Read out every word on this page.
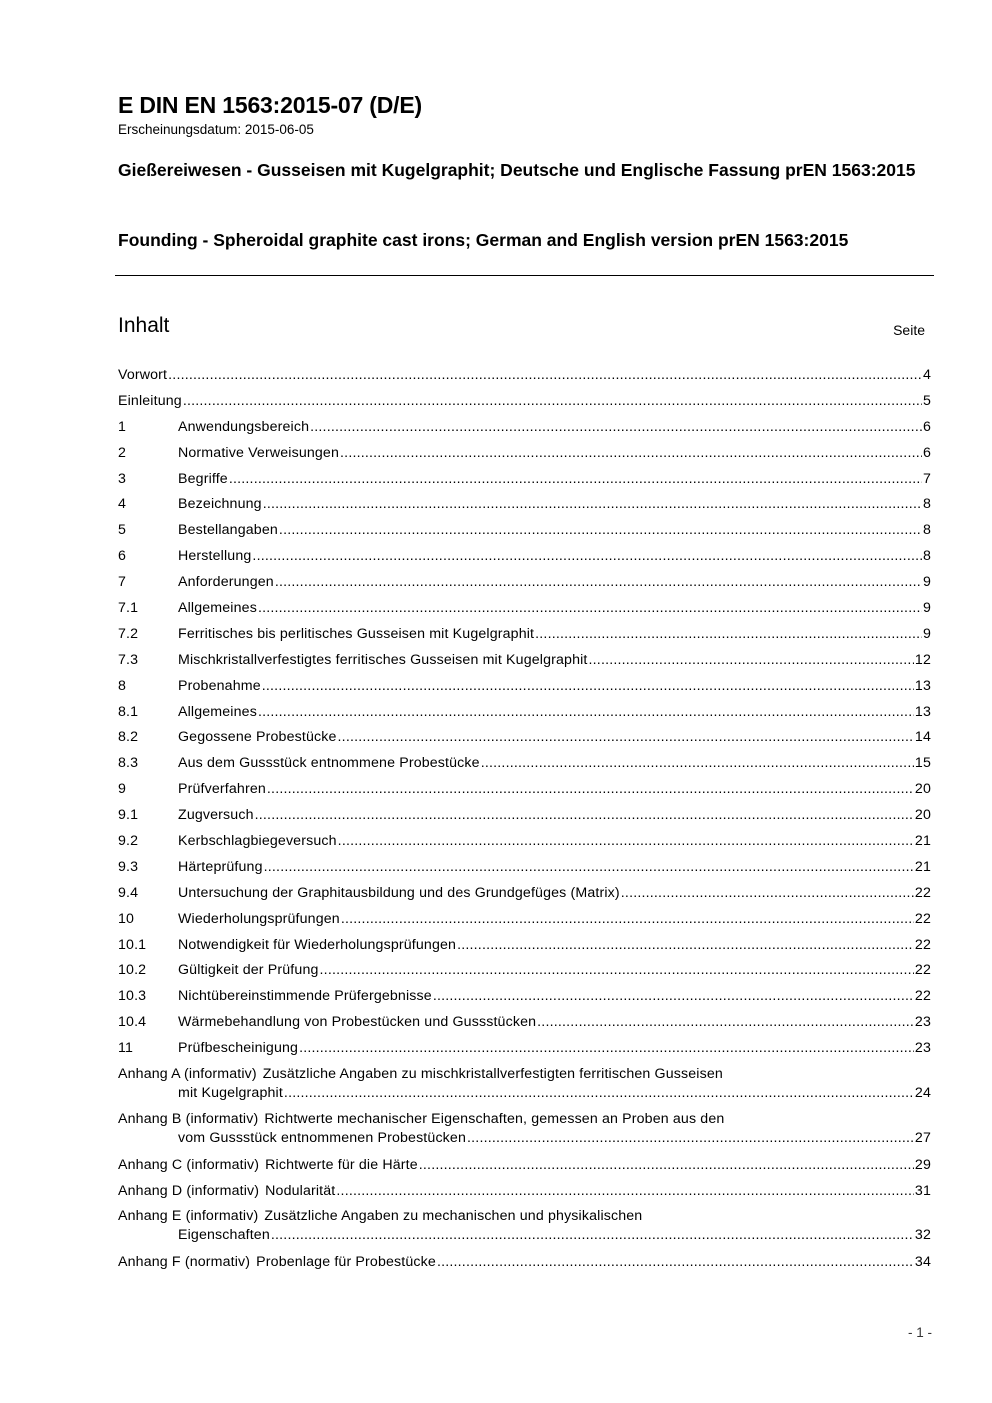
E DIN EN 1563:2015-07 (D/E)
Erscheinungsdatum: 2015-06-05
Gießereiwesen - Gusseisen mit Kugelgraphit; Deutsche und Englische Fassung prEN 1563:2015
Founding - Spheroidal graphite cast irons; German and English version prEN 1563:2015
Inhalt	Seite
Vorwort .....	4
Einleitung .....	5
1	Anwendungsbereich .....	6
2	Normative Verweisungen .....	6
3	Begriffe .....	7
4	Bezeichnung .....	8
5	Bestellangaben .....	8
6	Herstellung .....	8
7	Anforderungen .....	9
7.1	Allgemeines .....	9
7.2	Ferritisches bis perlitisches Gusseisen mit Kugelgraphit .....	9
7.3	Mischkristallverfestigtes ferritisches Gusseisen mit Kugelgraphit .....	12
8	Probenahme .....	13
8.1	Allgemeines .....	13
8.2	Gegossene Probestücke .....	14
8.3	Aus dem Gussstück entnommene Probestücke .....	15
9	Prüfverfahren .....	20
9.1	Zugversuch .....	20
9.2	Kerbschlagbiegeversuch .....	21
9.3	Härteprüfung .....	21
9.4	Untersuchung der Graphitausbildung und des Grundgefüges (Matrix) .....	22
10	Wiederholungsprüfungen .....	22
10.1	Notwendigkeit für Wiederholungsprüfungen .....	22
10.2	Gültigkeit der Prüfung .....	22
10.3	Nichtübereinstimmende Prüfergebnisse .....	22
10.4	Wärmebehandlung von Probestücken und Gussstücken .....	23
11	Prüfbescheinigung .....	23
Anhang A (informativ) Zusätzliche Angaben zu mischkristallverfestigten ferritischen Gusseisen
mit Kugelgraphit .....	24
Anhang B (informativ) Richtwerte mechanischer Eigenschaften, gemessen an Proben aus den
vom Gussstück entnommenen Probestücken .....	27
Anhang C (informativ) Richtwerte für die Härte .....	29
Anhang D (informativ) Nodularität .....	31
Anhang E (informativ) Zusätzliche Angaben zu mechanischen und physikalischen
Eigenschaften .....	32
Anhang F (normativ) Probenlage für Probestücke .....	34
- 1 -
